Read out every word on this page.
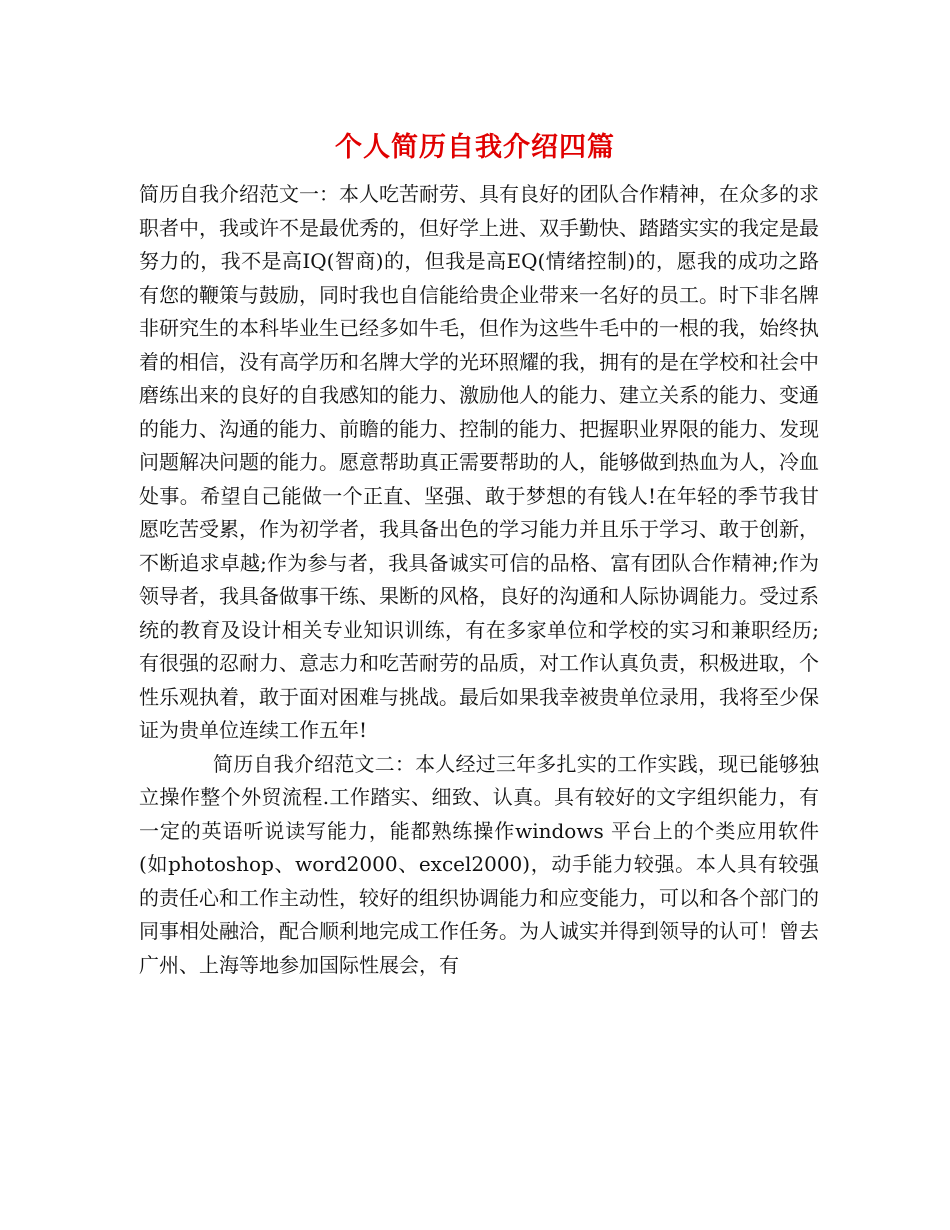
个人简历自我介绍四篇

简历自我介绍范文一：本人吃苦耐劳、具有良好的团队合作精神，在众多的求职者中，我或许不是最优秀的，但好学上进、双手勤快、踏踏实实的我定是最努力的，我不是高IQ(智商)的，但我是高EQ(情绪控制)的，愿我的成功之路有您的鞭策与鼓励，同时我也自信能给贵企业带来一名好的员工。时下非名牌非研究生的本科毕业生已经多如牛毛，但作为这些牛毛中的一根的我，始终执着的相信，没有高学历和名牌大学的光环照耀的我，拥有的是在学校和社会中磨练出来的良好的自我感知的能力、激励他人的能力、建立关系的能力、变通的能力、沟通的能力、前瞻的能力、控制的能力、把握职业界限的能力、发现问题解决问题的能力。愿意帮助真正需要帮助的人，能够做到热血为人，冷血处事。希望自己能做一个正直、坚强、敢于梦想的有钱人!在年轻的季节我甘愿吃苦受累，作为初学者，我具备出色的学习能力并且乐于学习、敢于创新，不断追求卓越;作为参与者，我具备诚实可信的品格、富有团队合作精神;作为领导者，我具备做事干练、果断的风格，良好的沟通和人际协调能力。受过系统的教育及设计相关专业知识训练，有在多家单位和学校的实习和兼职经历;有很强的忍耐力、意志力和吃苦耐劳的品质，对工作认真负责，积极进取，个性乐观执着，敢于面对困难与挑战。最后如果我幸被贵单位录用，我将至少保证为贵单位连续工作五年!

简历自我介绍范文二：本人经过三年多扎实的工作实践，现已能够独立操作整个外贸流程.工作踏实、细致、认真。具有较好的文字组织能力，有一定的英语听说读写能力，能都熟练操作windows 平台上的个类应用软件(如photoshop、word2000、excel2000)，动手能力较强。本人具有较强的责任心和工作主动性，较好的组织协调能力和应变能力，可以和各个部门的同事相处融洽，配合顺利地完成工作任务。为人诚实并得到领导的认可！曾去广州、上海等地参加国际性展会，有
